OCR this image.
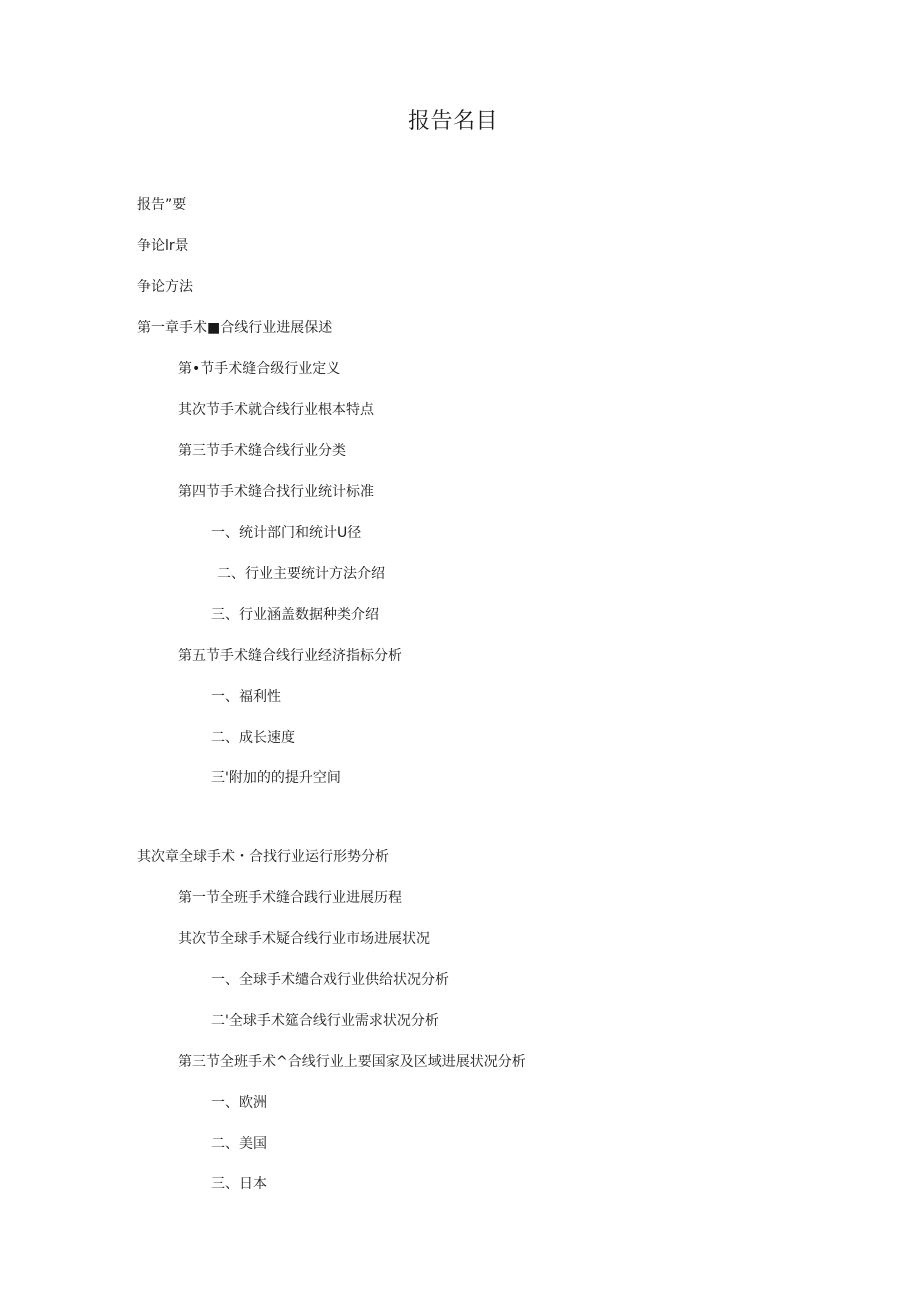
报告名目
报告”要
争论lr景
争论方法
第一章手术■合线行业进展保述
第•节手术缝合级行业定义
其次节手术就合线行业根本特点
第三节手术缝合线行业分类
第四节手术缝合找行业统计标准
一、统计部门和统计U径
二、行业主要统计方法介绍
三、行业涵盖数据种类介绍
第五节手术缝合线行业经济指标分析
一、福利性
二、成长速度
三'附加的的提升空间
其次章全球手术・合找行业运行形势分析
第一节全班手术缝合践行业进展历程
其次节全球手术疑合线行业市场进展状况
一、全球手术缱合戏行业供给状况分析
二'全球手术筵合线行业需求状况分析
第三节全班手术^合线行业上要国家及区域进展状况分析
一、欧洲
二、美国
三、日本
